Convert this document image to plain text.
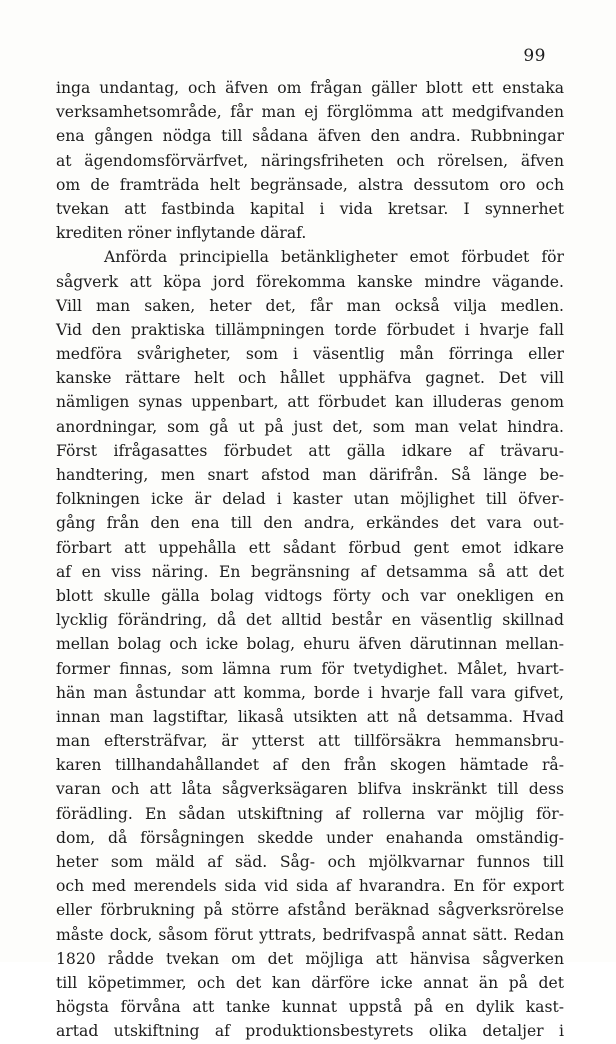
99
inga undantag, och äfven om frågan gäller blott ett enstaka
verksamhetsområde, får man ej förglömma att medgifvanden
ena gången nödga till sådana äfven den andra. Rubbningar
at ägendomsförvärfvet, näringsfriheten och rörelsen, äfven
om de framträda helt begränsade, alstra dessutom oro och
tvekan att fastbinda kapital i vida kretsar. I synnerhet
krediten röner inflytande däraf.
Anförda principiella betänkligheter emot förbudet för
sågverk att köpa jord förekomma kanske mindre vägande.
Vill man saken, heter det, får man också vilja medlen.
Vid den praktiska tillämpningen torde förbudet i hvarje fall
medföra svårigheter, som i väsentlig mån förringa eller
kanske rättare helt och hållet upphäfva gagnet. Det vill
nämligen synas uppenbart, att förbudet kan illuderas genom
anordningar, som gå ut på just det, som man velat hindra.
Först ifrågasattes förbudet att gälla idkare af trävaru-
handtering, men snart afstod man därifrån. Så länge be-
folkningen icke är delad i kaster utan möjlighet till öfver-
gång från den ena till den andra, erkändes det vara out-
förbart att uppehålla ett sådant förbud gent emot idkare
af en viss näring. En begränsning af detsamma så att det
blott skulle gälla bolag vidtogs förty och var onekligen en
lycklig förändring, då det alltid består en väsentlig skillnad
mellan bolag och icke bolag, ehuru äfven därutinnan mellan-
former finnas, som lämna rum för tvetydighet. Målet, hvart-
hän man åstundar att komma, borde i hvarje fall vara gifvet,
innan man lagstiftar, likaså utsikten att nå detsamma. Hvad
man eftersträfvar, är ytterst att tillförsäkra hemmansbru-
karen tillhandahållandet af den från skogen hämtade rå-
varan och att låta sågverksägaren blifva inskränkt till dess
förädling. En sådan utskiftning af rollerna var möjlig för-
dom, då försågningen skedde under enahanda omständig-
heter som mäld af säd. Såg- och mjölkvarnar funnos till
och med merendels sida vid sida af hvarandra. En för export
eller förbrukning på större afstånd beräknad sågverksrörelse
måste dock, såsom förut yttrats, bedrifvaspå annat sätt. Redan
1820 rådde tvekan om det möjliga att hänvisa sågverken
till köpetimmer, och det kan därföre icke annat än på det
högsta förvåna att tanke kunnat uppstå på en dylik kast-
artad utskiftning af produktionsbestyrets olika detaljer i
